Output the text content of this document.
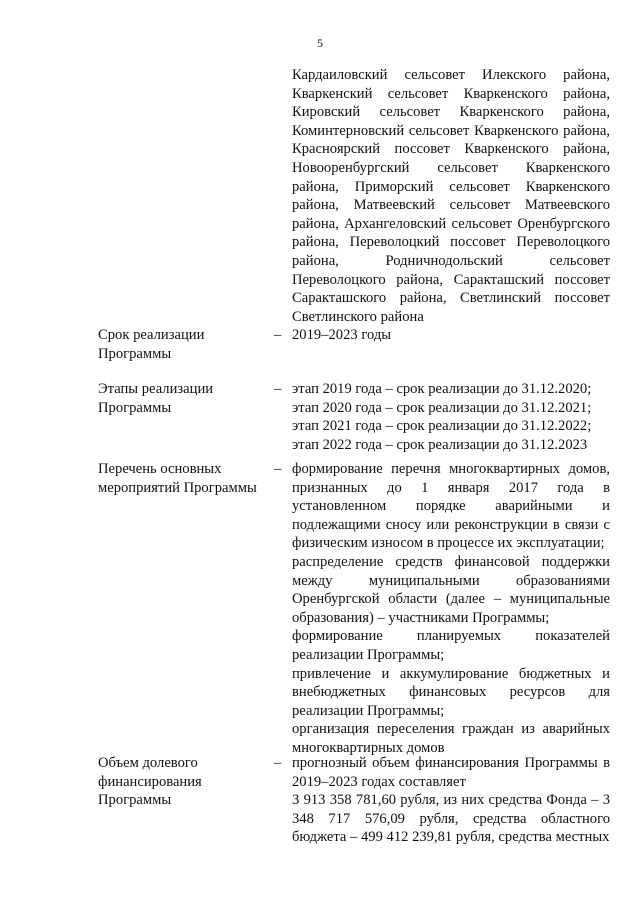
5
Кардаиловский сельсовет Илекского района, Кваркенский сельсовет Кваркенского района, Кировский сельсовет Кваркенского района, Коминтерновский сельсовет Кваркенского района, Красноярский поссовет Кваркенского района, Новооренбургский сельсовет Кваркенского района, Приморский сельсовет Кваркенского района, Матвеевский сельсовет Матвеевского района, Архангеловский сельсовет Оренбургского района, Переволоцкий поссовет Переволоцкого района, Родничнодольский сельсовет Переволоцкого района, Саракташский поссовет Саракташского района, Светлинский поссовет Светлинского района
Срок реализации Программы
– 2019–2023 годы
Этапы реализации Программы
– этап 2019 года – срок реализации до 31.12.2020;
этап 2020 года – срок реализации до 31.12.2021;
этап 2021 года – срок реализации до 31.12.2022;
этап 2022 года – срок реализации до 31.12.2023
Перечень основных мероприятий Программы
– формирование перечня многоквартирных домов, признанных до 1 января 2017 года в установленном порядке аварийными и подлежащими сносу или реконструкции в связи с физическим износом в процессе их эксплуатации;
распределение средств финансовой поддержки между муниципальными образованиями Оренбургской области (далее – муниципальные образования) – участниками Программы;
формирование планируемых показателей реализации Программы;
привлечение и аккумулирование бюджетных и внебюджетных финансовых ресурсов для реализации Программы;
организация переселения граждан из аварийных многоквартирных домов
Объем долевого финансирования Программы
– прогнозный объем финансирования Программы в 2019–2023 годах составляет
3 913 358 781,60 рубля, из них средства Фонда – 3 348 717 576,09 рубля, средства областного бюджета – 499 412 239,81 рубля, средства местных
